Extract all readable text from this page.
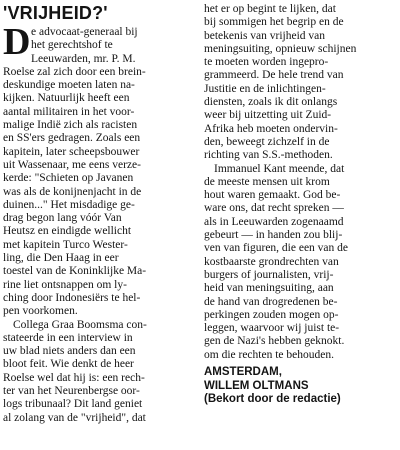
'VRIJHEID?'
D e advocaat-generaal bij
het gerechtshof te
Leeuwarden, mr. P. M.
Roelse zal zich door een brein-
deskundige moeten laten na-
kijken. Natuurlijk heeft een
aantal militairen in het voor-
malige Indië zich als racisten
en SS'ers gedragen. Zoals een
kapitein, later scheepsbouwer
uit Wassenaar, me eens verze-
kerde: "Schieten op Javanen
was als de konijnenjacht in de
duinen..." Het misdadige ge-
drag begon lang vóór Van
Heutsz en eindigde wellicht
met kapitein Turco Wester-
ling, die Den Haag in eer
toestel van de Koninklijke Ma-
rine liet ontsnappen om ly-
ching door Indonesiërs te hel-
pen voorkomen.
Collega Graa Boomsma con-
stateerde in een interview in
uw blad niets anders dan een
bloot feit. Wie denkt de heer
Roelse wel dat hij is: een rech-
ter van het Neurenbergse oor-
logs tribunaal? Dit land geniet
al zolang van de "vrijheid", dat
het er op begint te lijken, dat
bij sommigen het begrip en de
betekenis van vrijheid van
meningsuiting, opnieuw schijnen
te moeten worden ingepro-
grammeerd. De hele trend van
Justitie en de inlichtingen-
diensten, zoals ik dit onlangs
weer bij uitzetting uit Zuid-
Afrika heb moeten ondervin-
den, beweegt zichzelf in de
richting van S.S.-methoden.
Immanuel Kant meende, dat
de meeste mensen uit krom
hout waren gemaakt. God be-
ware ons, dat recht spreken —
als in Leeuwarden zogenaamd
gebeurt — in handen zou blij-
ven van figuren, die een van de
kostbaarste grondrechten van
burgers of journalisten, vrij-
heid van meningsuiting, aan
de hand van drogredenen be-
perkingen zouden mogen op-
leggen, waarvoor wij juist te-
gen de Nazi's hebben geknokt.
om die rechten te behouden.
AMSTERDAM,
WILLEM OLTMANS
(Bekort door de redactie)
